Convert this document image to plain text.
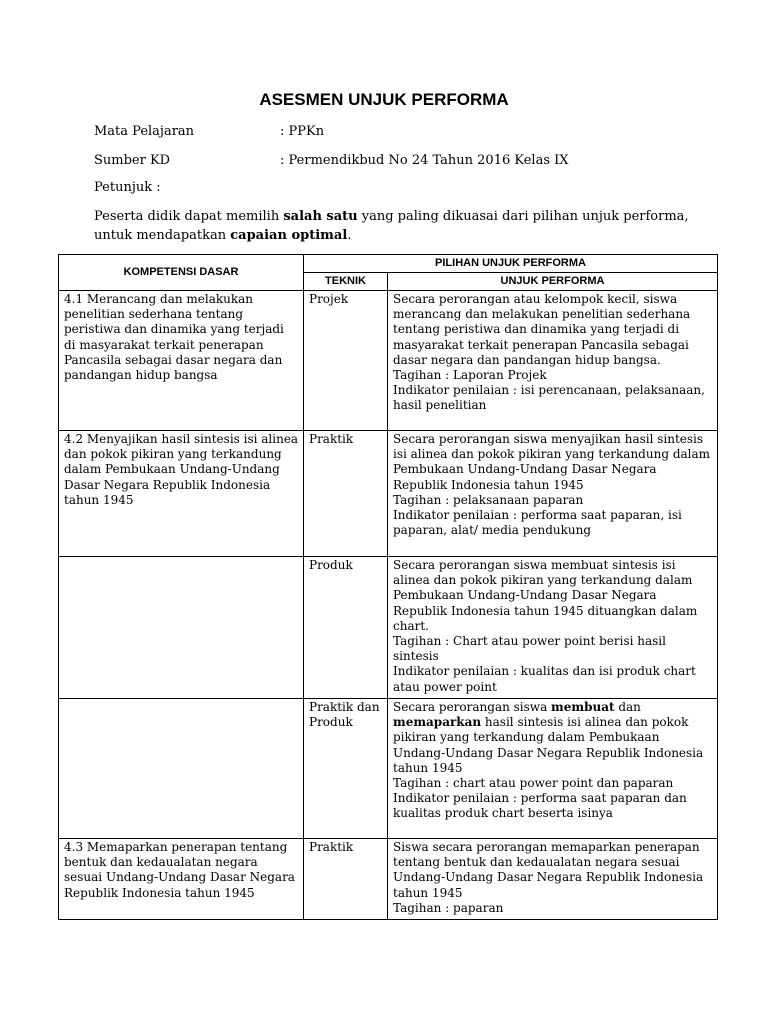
ASESMEN UNJUK PERFORMA
Mata Pelajaran	: PPKn
Sumber KD	: Permendikbud No 24 Tahun 2016 Kelas IX
Petunjuk :
Peserta didik dapat memilih salah satu yang paling dikuasai dari pilihan unjuk performa, untuk mendapatkan capaian optimal.
KOMPETENSI DASAR	PILIHAN UNJUK PERFORMA	
	TEKNIK	UNJUK PERFORMA
4.1 Merancang dan melakukan penelitian sederhana tentang peristiwa dan dinamika yang terjadi di masyarakat terkait penerapan Pancasila sebagai dasar negara dan pandangan hidup bangsa	Projek	Secara perorangan atau kelompok kecil, siswa merancang dan melakukan penelitian sederhana tentang peristiwa dan dinamika yang terjadi di masyarakat terkait penerapan Pancasila sebagai dasar negara dan pandangan hidup bangsa.
Tagihan : Laporan Projek
Indikator penilaian : isi perencanaan, pelaksanaan, hasil penelitian

4.2 Menyajikan hasil sintesis isi alinea dan pokok pikiran yang terkandung dalam Pembukaan Undang-Undang Dasar Negara Republik Indonesia tahun 1945	Praktik	Secara perorangan siswa menyajikan hasil sintesis isi alinea dan pokok pikiran yang terkandung dalam Pembukaan Undang-Undang Dasar Negara Republik Indonesia tahun 1945
Tagihan : pelaksanaan paparan
Indikator penilaian : performa saat paparan, isi paparan, alat/ media pendukung

	Produk	Secara perorangan siswa membuat sintesis isi alinea dan pokok pikiran yang terkandung dalam Pembukaan Undang-Undang Dasar Negara Republik Indonesia tahun 1945 dituangkan dalam chart.
Tagihan : Chart atau power point berisi hasil sintesis
Indikator penilaian : kualitas dan isi produk chart atau power point

	Praktik dan Produk	Secara perorangan siswa membuat dan memaparkan hasil sintesis isi alinea dan pokok pikiran yang terkandung dalam Pembukaan Undang-Undang Dasar Negara Republik Indonesia tahun 1945
Tagihan : chart atau power point dan paparan
Indikator penilaian : performa saat paparan dan kualitas produk chart beserta isinya

4.3 Memaparkan penerapan tentang bentuk dan kedaualatan negara sesuai Undang-Undang Dasar Negara Republik Indonesia tahun 1945	Praktik	Siswa secara perorangan memaparkan penerapan tentang bentuk dan kedaualatan negara sesuai Undang-Undang Dasar Negara Republik Indonesia tahun 1945
Tagihan : paparan
